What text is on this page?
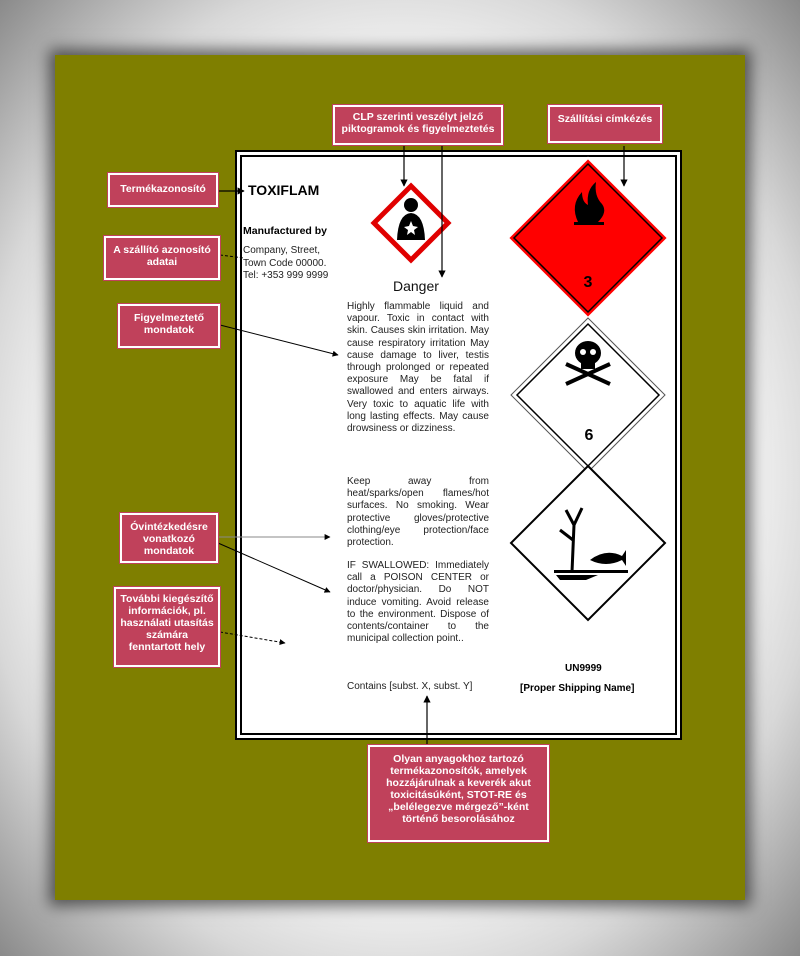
TOXIFLAM
Manufactured by
Company, Street, Town Code 00000. Tel: +353 999 9999
Danger
Highly flammable liquid and vapour. Toxic in contact with skin. Causes skin irritation. May cause respiratory irritation May cause damage to liver, testis through prolonged or repeated exposure May be fatal if swallowed and enters airways. Very toxic to aquatic life with long lasting effects. May cause drowsiness or dizziness.
Keep away from heat/sparks/open flames/hot surfaces. No smoking. Wear protective gloves/protective clothing/eye protection/face protection.
IF SWALLOWED: Immediately call a POISON CENTER or doctor/physician. Do NOT induce vomiting. Avoid release to the environment. Dispose of contents/container to the municipal collection point..
Contains [subst. X, subst. Y]
UN9999
[Proper Shipping Name]
3
6
CLP szerinti veszélyt jelző piktogramok és figyelmeztetés
Szállítási címkézés
Termékazonosító
A szállító azonosító adatai
Figyelmeztető mondatok
Óvintézkedésre vonatkozó mondatok
További kiegészítő információk, pl. használati utasítás számára fenntartott hely
Olyan anyagokhoz tartozó termékazonosítók, amelyek hozzájárulnak a keverék akut toxicitásúként, STOT-RE és „belélegezve mérgező”-ként történő besorolásához
